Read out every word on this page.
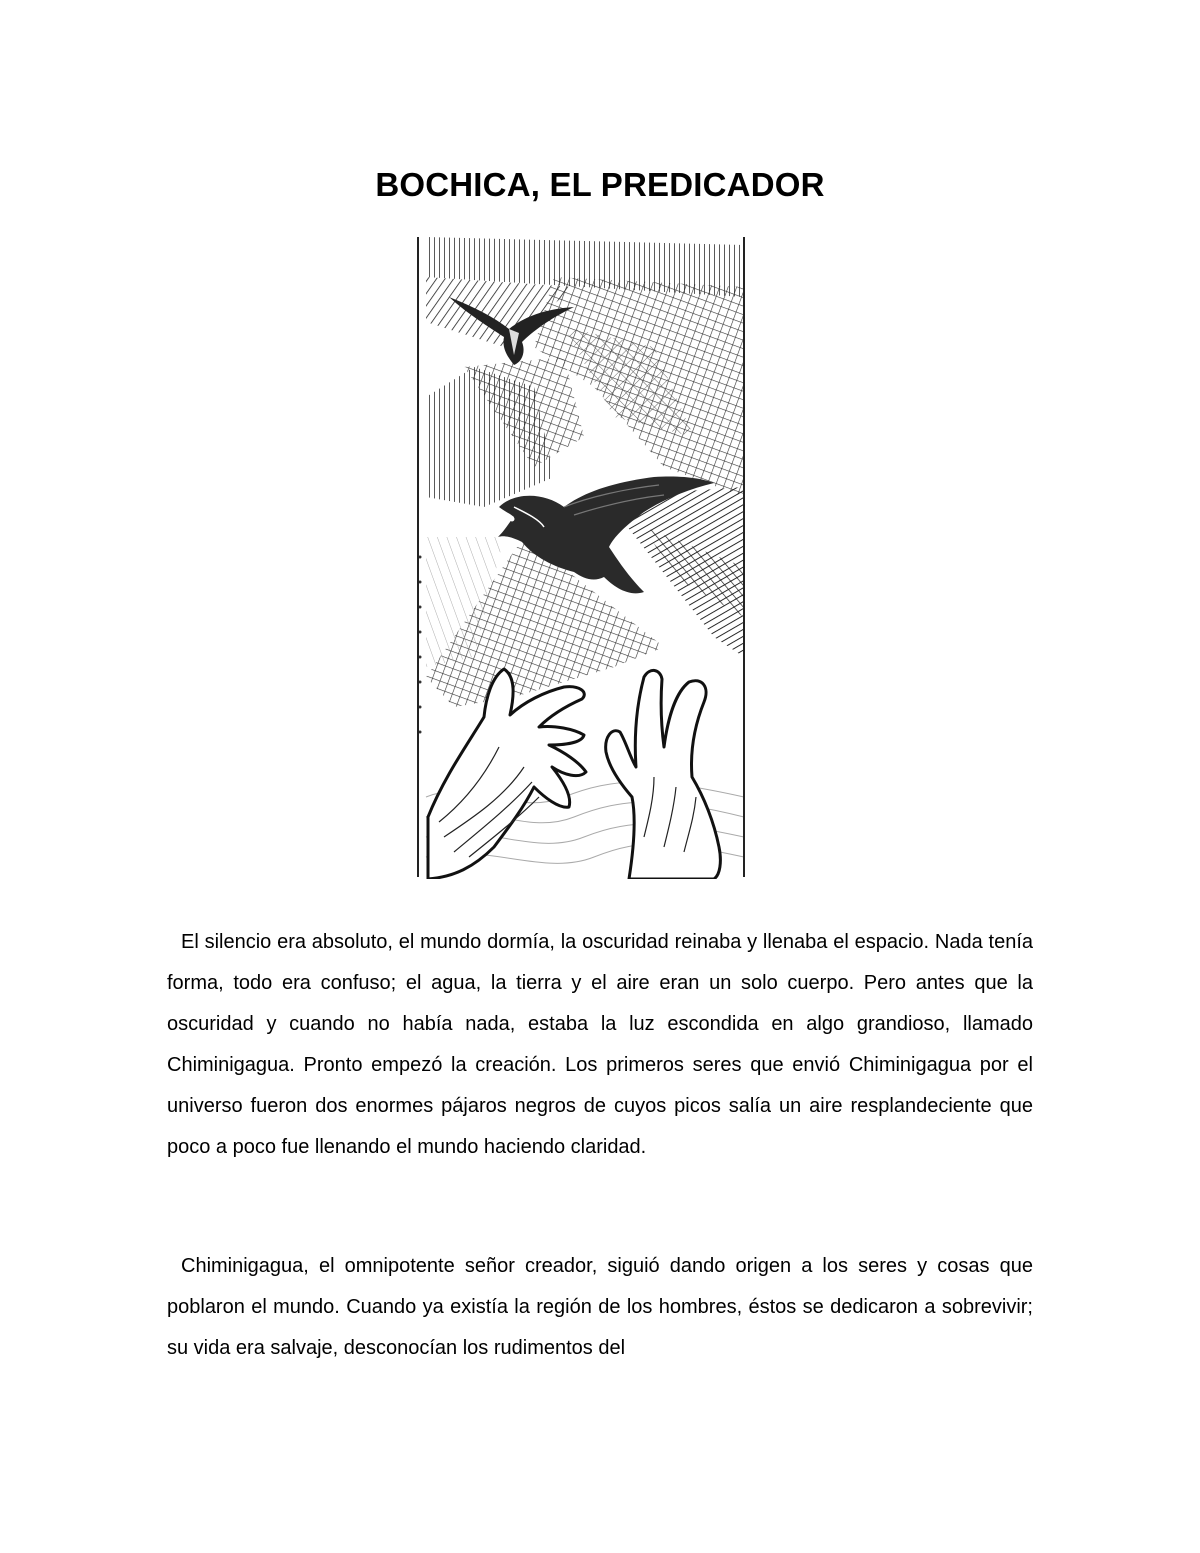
BOCHICA, EL PREDICADOR

El silencio era absoluto, el mundo dormía, la oscuridad reinaba y llenaba el espacio. Nada tenía forma, todo era confuso; el agua, la tierra y el aire eran un solo cuerpo. Pero antes que la oscuridad y cuando no había nada, estaba la luz escondida en algo grandioso, llamado Chiminigagua. Pronto empezó la creación. Los primeros seres que envió Chiminigagua por el universo fueron dos enormes pájaros negros de cuyos picos salía un aire resplandeciente que poco a poco fue llenando el mundo haciendo claridad.

Chiminigagua, el omnipotente señor creador, siguió dando origen a los seres y cosas que poblaron el mundo. Cuando ya existía la región de los hombres, éstos se dedicaron a sobrevivir; su vida era salvaje, desconocían los rudimentos del
